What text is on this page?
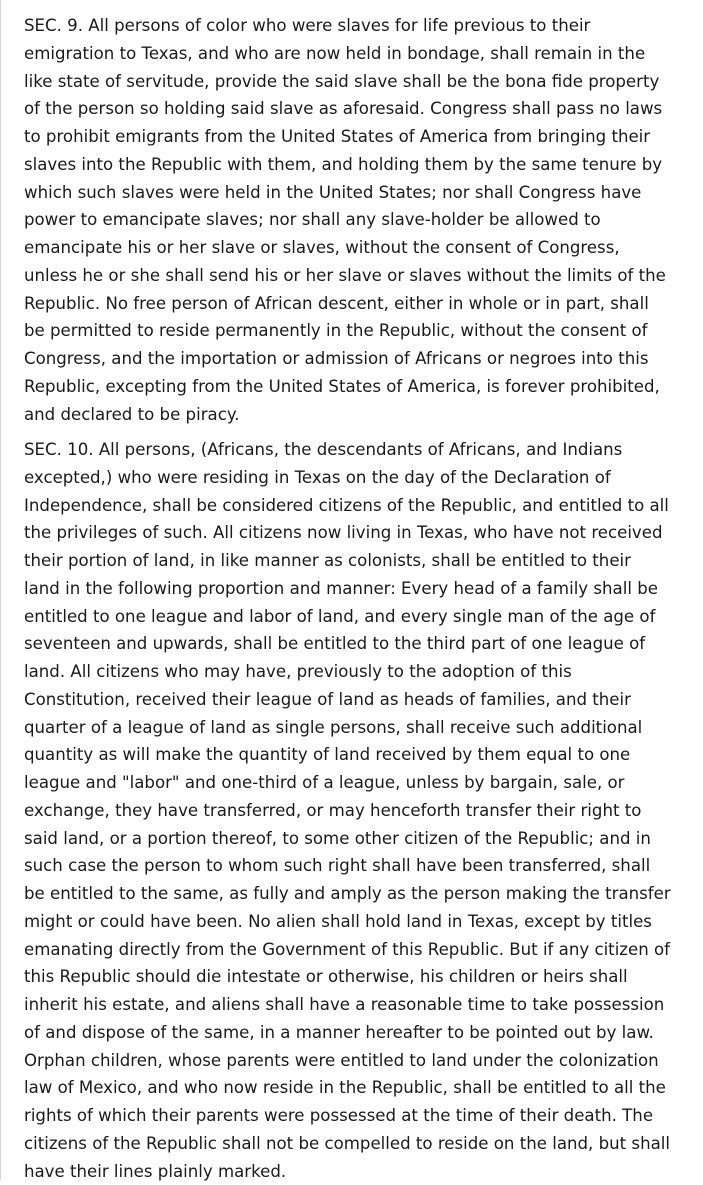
SEC. 9. All persons of color who were slaves for life previous to their
emigration to Texas, and who are now held in bondage, shall remain in the
like state of servitude, provide the said slave shall be the bona fide property
of the person so holding said slave as aforesaid. Congress shall pass no laws
to prohibit emigrants from the United States of America from bringing their
slaves into the Republic with them, and holding them by the same tenure by
which such slaves were held in the United States; nor shall Congress have
power to emancipate slaves; nor shall any slave-holder be allowed to
emancipate his or her slave or slaves, without the consent of Congress,
unless he or she shall send his or her slave or slaves without the limits of the
Republic. No free person of African descent, either in whole or in part, shall
be permitted to reside permanently in the Republic, without the consent of
Congress, and the importation or admission of Africans or negroes into this
Republic, excepting from the United States of America, is forever prohibited,
and declared to be piracy.

SEC. 10. All persons, (Africans, the descendants of Africans, and Indians
excepted,) who were residing in Texas on the day of the Declaration of
Independence, shall be considered citizens of the Republic, and entitled to all
the privileges of such. All citizens now living in Texas, who have not received
their portion of land, in like manner as colonists, shall be entitled to their
land in the following proportion and manner: Every head of a family shall be
entitled to one league and labor of land, and every single man of the age of
seventeen and upwards, shall be entitled to the third part of one league of
land. All citizens who may have, previously to the adoption of this
Constitution, received their league of land as heads of families, and their
quarter of a league of land as single persons, shall receive such additional
quantity as will make the quantity of land received by them equal to one
league and "labor" and one-third of a league, unless by bargain, sale, or
exchange, they have transferred, or may henceforth transfer their right to
said land, or a portion thereof, to some other citizen of the Republic; and in
such case the person to whom such right shall have been transferred, shall
be entitled to the same, as fully and amply as the person making the transfer
might or could have been. No alien shall hold land in Texas, except by titles
emanating directly from the Government of this Republic. But if any citizen of
this Republic should die intestate or otherwise, his children or heirs shall
inherit his estate, and aliens shall have a reasonable time to take possession
of and dispose of the same, in a manner hereafter to be pointed out by law.
Orphan children, whose parents were entitled to land under the colonization
law of Mexico, and who now reside in the Republic, shall be entitled to all the
rights of which their parents were possessed at the time of their death. The
citizens of the Republic shall not be compelled to reside on the land, but shall
have their lines plainly marked.
